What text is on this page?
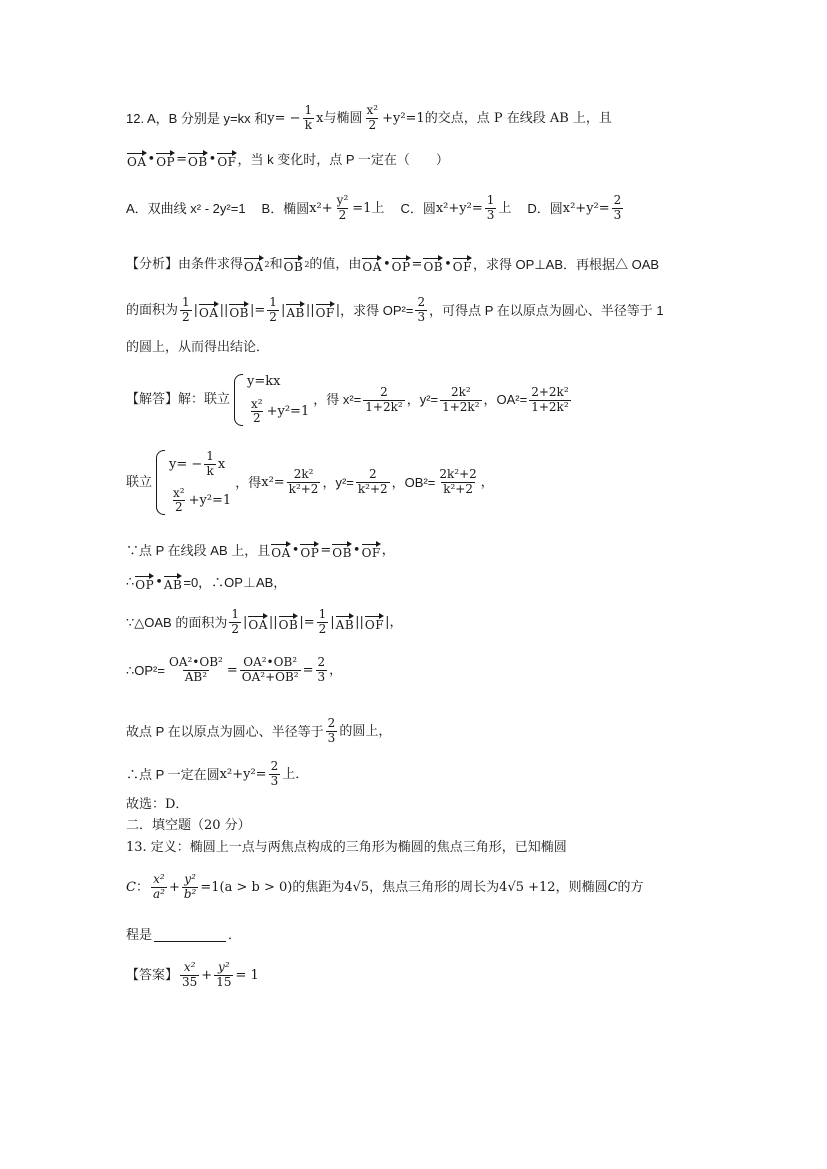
12. A，B 分别是 y=kx 和 $y= - \frac{1}{k}$ x 与椭圆 $\frac{\text{x²}}{2} +y^2=1$ 的交点，点 P 在线段 AB 上，且
OA • OP = OB • OF ，当 k 变化时，点 P 一定在（　　）
A．双曲线 x² - 2y²=1 B．椭圆 $x^2 + \frac{\text{y²}}{2} =1$上 C．圆 $x^2+y^2= \frac{1}{3}$ 上 D．圆 $x^2+y^2= \frac{2}{3}$
【分析】 由条件求得 OA 2 和 OB 2 的值，由 OA • OP = OB • OF ，求得 OP⊥AB．再根据△ OAB
的面积为 $\frac{1}{2}$ | OA | | OB | = $\frac{1}{2}$ | AB | | OF | ，求得 $OP^2= \frac{2}{3}$ ，可得点 P 在以原点为圆心、半径等于 1
的圆上，从而得出结论．
【解答】 解：联立
y=kx
$\frac{\text{x²}}{2} +y^2=1$
，得 $x^2= \frac{2}{\text{1+2k²}}$ ，$y^2= \frac{\text{2k²}}{\text{1+2k²}}$ ，$OA^2= \frac{\text{2+2k²}}{\text{1+2k²}}$
联立
$y= - \frac{1}{k}$ x
$\frac{\text{x²}}{2} +y^2=1$
，得 $x^2= \frac{\text{2k²}}{\text{k²+2}}$ ，$y^2= \frac{2}{\text{k²+2}}$ ，$OB^2= \frac{\text{2k²+2}}{\text{k²+2}}$ ，
∵点 P 在线段 AB 上，且 OA • OP = OB • OF ，
∴ OP • AB =0，∴OP⊥AB，
∵△OAB 的面积为 $\frac{1}{2}$ | OA | | OB | = $\frac{1}{2}$ | AB | | OF | ，
∴OP²= $\frac{\text{OA²•OB²}}{\text{AB²}} = \frac{\text{OA²•OB²}}{\text{OA²+OB²}} = \frac{2}{3}$ ，
故点 P 在以原点为圆心、半径等于 $\frac{2}{3}$ 的圆上，
∴点 P 一定在圆 $x^2+y^2= \frac{2}{3}$ 上．
故选：D．
二．填空题（20 分）
13. 定义：椭圆上一点与两焦点构成的三角形为椭圆的焦点三角形，已知椭圆
C ： $\frac{\text{x²}}{\text{a²}} + \frac{\text{y²}}{\text{b²}} =1(a > b > 0)$ 的焦距为 4√5 ，焦点三角形的周长为 4√5 +12 ，则椭圆 C 的方
程是	．
【答案】 $\frac{\text{x²}}{35} + \frac{\text{y²}}{15} = 1$
